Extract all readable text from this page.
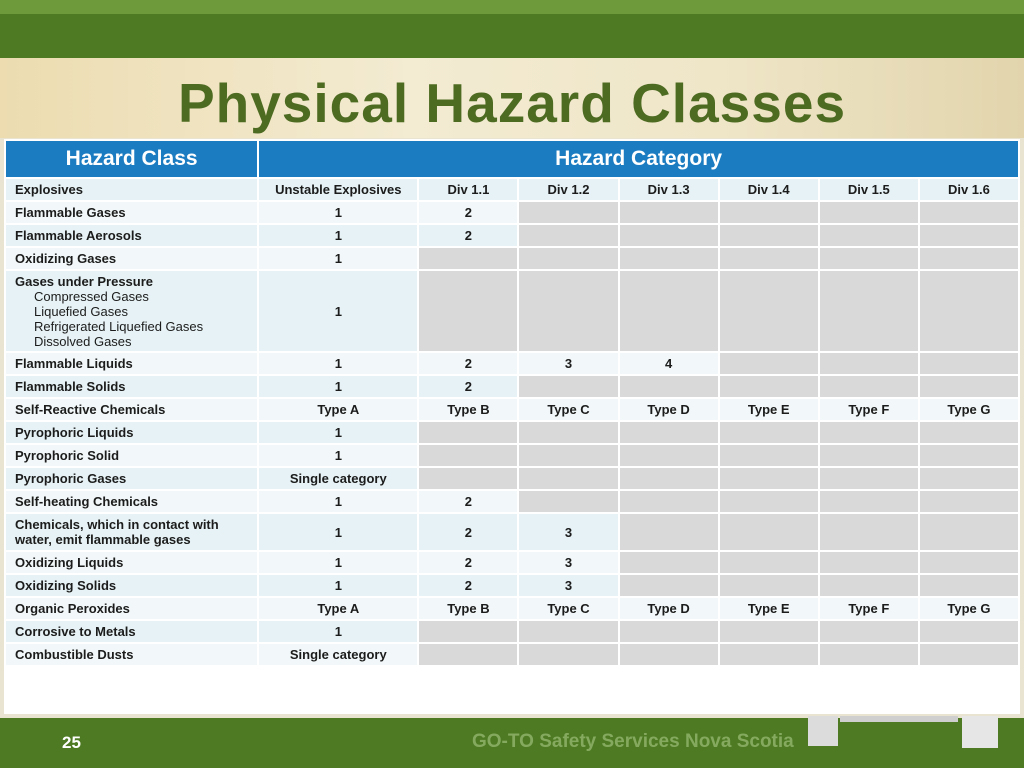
Physical Hazard Classes
Hazard Class	Hazard Category						

Explosives	Unstable Explosives	Div 1.1	Div 1.2	Div 1.3	Div 1.4	Div 1.5	Div 1.6

Flammable Gases	1	2					

Flammable Aerosols	1	2					

Oxidizing Gases	1						

Gases under Pressure
Compressed Gases
Liquefied Gases
Refrigerated Liquefied Gases
Dissolved Gases	1						

Flammable Liquids	1	2	3	4			

Flammable Solids	1	2					

Self-Reactive Chemicals	Type A	Type B	Type C	Type D	Type E	Type F	Type G

Pyrophoric Liquids	1						

Pyrophoric Solid	1						

Pyrophoric Gases	Single category						

Self-heating Chemicals	1	2					

Chemicals, which in contact with water, emit flammable gases	1	2	3				

Oxidizing Liquids	1	2	3				

Oxidizing Solids	1	2	3				

Organic Peroxides	Type A	Type B	Type C	Type D	Type E	Type F	Type G

Corrosive to Metals	1						

Combustible Dusts	Single category						
25	GO-TO Safety Services Nova Scotia
